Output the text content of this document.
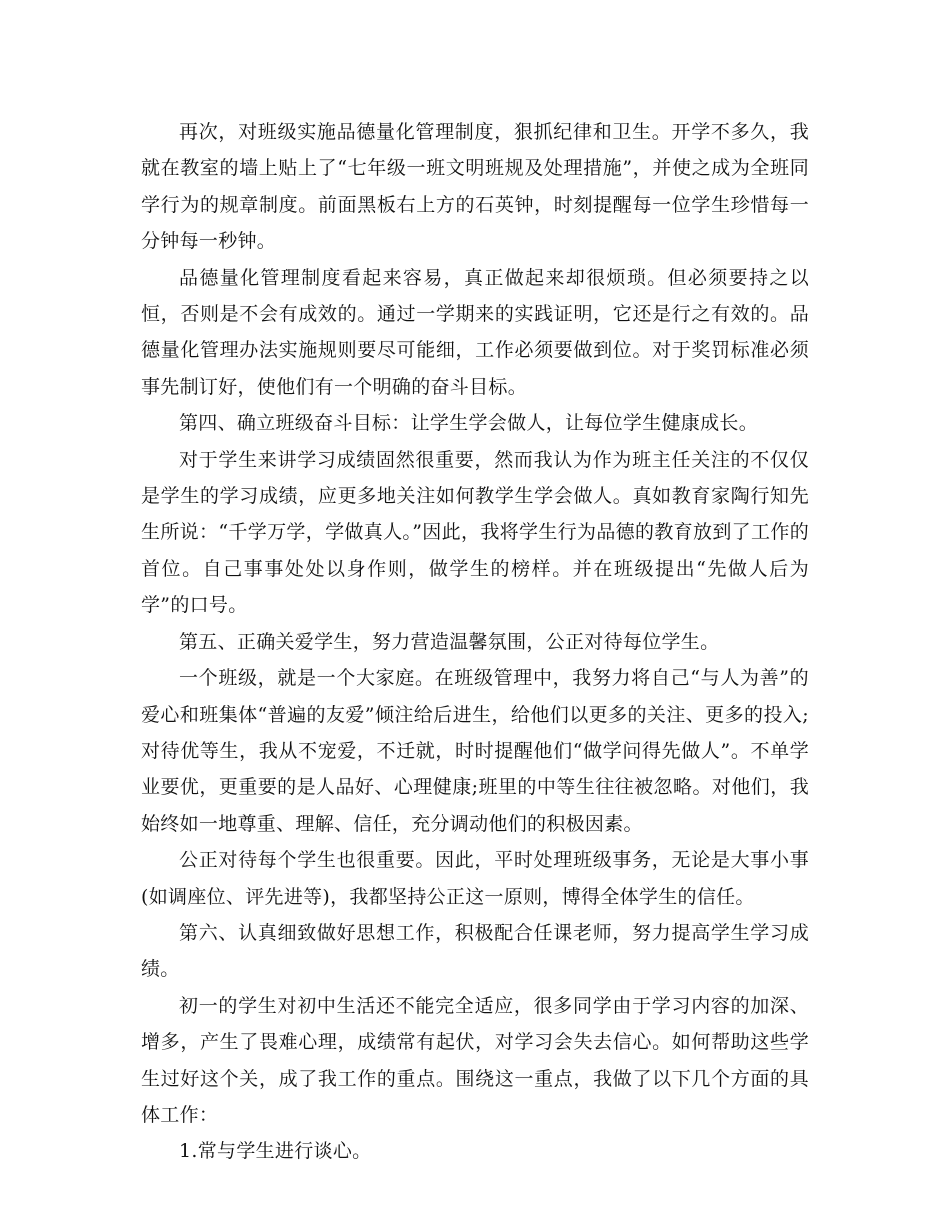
再次，对班级实施品德量化管理制度，狠抓纪律和卫生。开学不多久，我就在教室的墙上贴上了“七年级一班文明班规及处理措施”，并使之成为全班同学行为的规章制度。前面黑板右上方的石英钟，时刻提醒每一位学生珍惜每一分钟每一秒钟。

品德量化管理制度看起来容易，真正做起来却很烦琐。但必须要持之以恒，否则是不会有成效的。通过一学期来的实践证明，它还是行之有效的。品德量化管理办法实施规则要尽可能细，工作必须要做到位。对于奖罚标准必须事先制订好，使他们有一个明确的奋斗目标。

第四、确立班级奋斗目标：让学生学会做人，让每位学生健康成长。

对于学生来讲学习成绩固然很重要，然而我认为作为班主任关注的不仅仅是学生的学习成绩，应更多地关注如何教学生学会做人。真如教育家陶行知先生所说：“千学万学，学做真人。”因此，我将学生行为品德的教育放到了工作的首位。自己事事处处以身作则，做学生的榜样。并在班级提出“先做人后为学”的口号。

第五、正确关爱学生，努力营造温馨氛围，公正对待每位学生。

一个班级，就是一个大家庭。在班级管理中，我努力将自己“与人为善”的爱心和班集体“普遍的友爱”倾注给后进生，给他们以更多的关注、更多的投入;对待优等生，我从不宠爱，不迁就，时时提醒他们“做学问得先做人”。不单学业要优，更重要的是人品好、心理健康;班里的中等生往往被忽略。对他们，我始终如一地尊重、理解、信任，充分调动他们的积极因素。

公正对待每个学生也很重要。因此，平时处理班级事务，无论是大事小事(如调座位、评先进等)，我都坚持公正这一原则，博得全体学生的信任。

第六、认真细致做好思想工作，积极配合任课老师，努力提高学生学习成绩。

初一的学生对初中生活还不能完全适应，很多同学由于学习内容的加深、增多，产生了畏难心理，成绩常有起伏，对学习会失去信心。如何帮助这些学生过好这个关，成了我工作的重点。围绕这一重点，我做了以下几个方面的具体工作：

1.常与学生进行谈心。
